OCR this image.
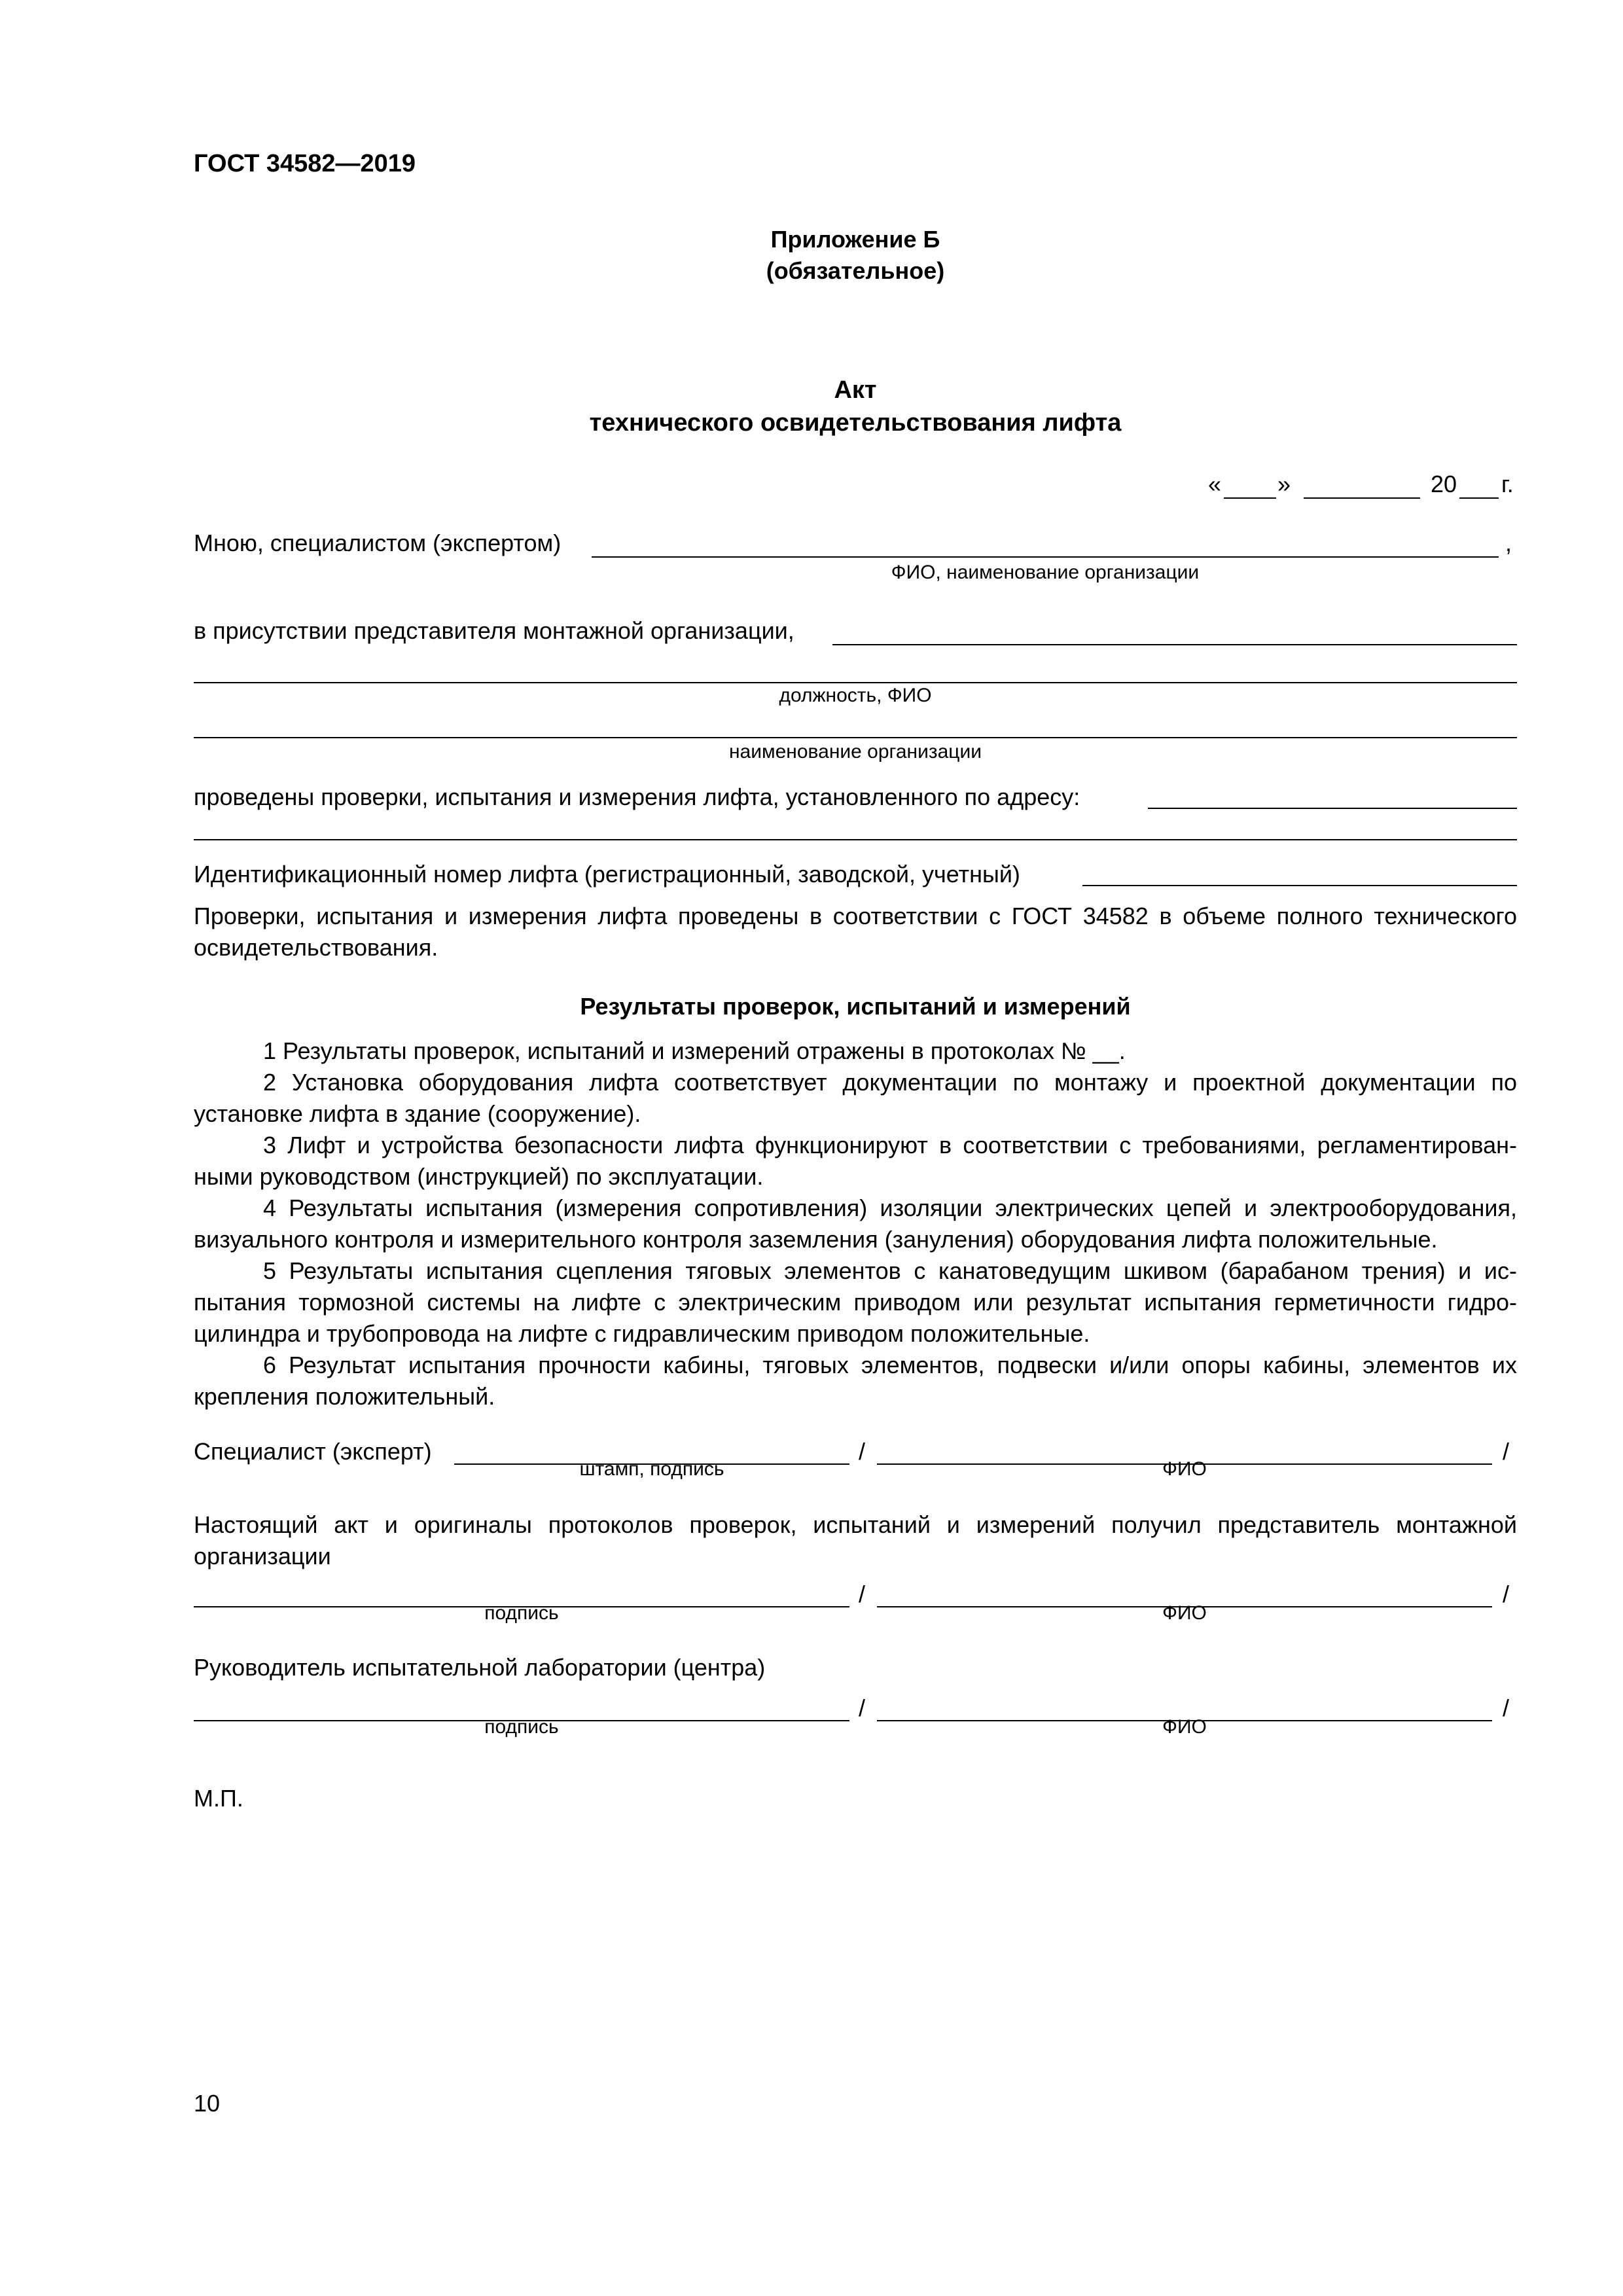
ГОСТ 34582—2019
Приложение Б
(обязательное)
Акт
технического освидетельствования лифта
« »	20 г.
Мною, специалистом (экспертом)	,
ФИО, наименование организации
в присутствии представителя монтажной организации,
должность, ФИО
наименование организации
проведены проверки, испытания и измерения лифта, установленного по адресу:
Идентификационный номер лифта (регистрационный, заводской, учетный)
Проверки, испытания и измерения лифта проведены в соответствии с ГОСТ 34582 в объеме полного технического освидетельствования.
Результаты проверок, испытаний и измерений
1 Результаты проверок, испытаний и измерений отражены в протоколах № __.
2 Установка оборудования лифта соответствует документации по монтажу и проектной документации по установке лифта в здание (сооружение).
3 Лифт и устройства безопасности лифта функционируют в соответствии с требованиями, регламентирован-ными руководством (инструкцией) по эксплуатации.
4 Результаты испытания (измерения сопротивления) изоляции электрических цепей и электрооборудования, визуального контроля и измерительного контроля заземления (зануления) оборудования лифта положительные.
5 Результаты испытания сцепления тяговых элементов с канатоведущим шкивом (барабаном трения) и ис-пытания тормозной системы на лифте с электрическим приводом или результат испытания герметичности гидро-цилиндра и трубопровода на лифте с гидравлическим приводом положительные.
6 Результат испытания прочности кабины, тяговых элементов, подвески и/или опоры кабины, элементов их крепления положительный.
Специалист (эксперт)	/	/
штамп, подпись	ФИО
Настоящий акт и оригиналы протоколов проверок, испытаний и измерений получил представитель монтажной организации
/	/
подпись	ФИО
Руководитель испытательной лаборатории (центра)
/	/
подпись	ФИО
М.П.
10
